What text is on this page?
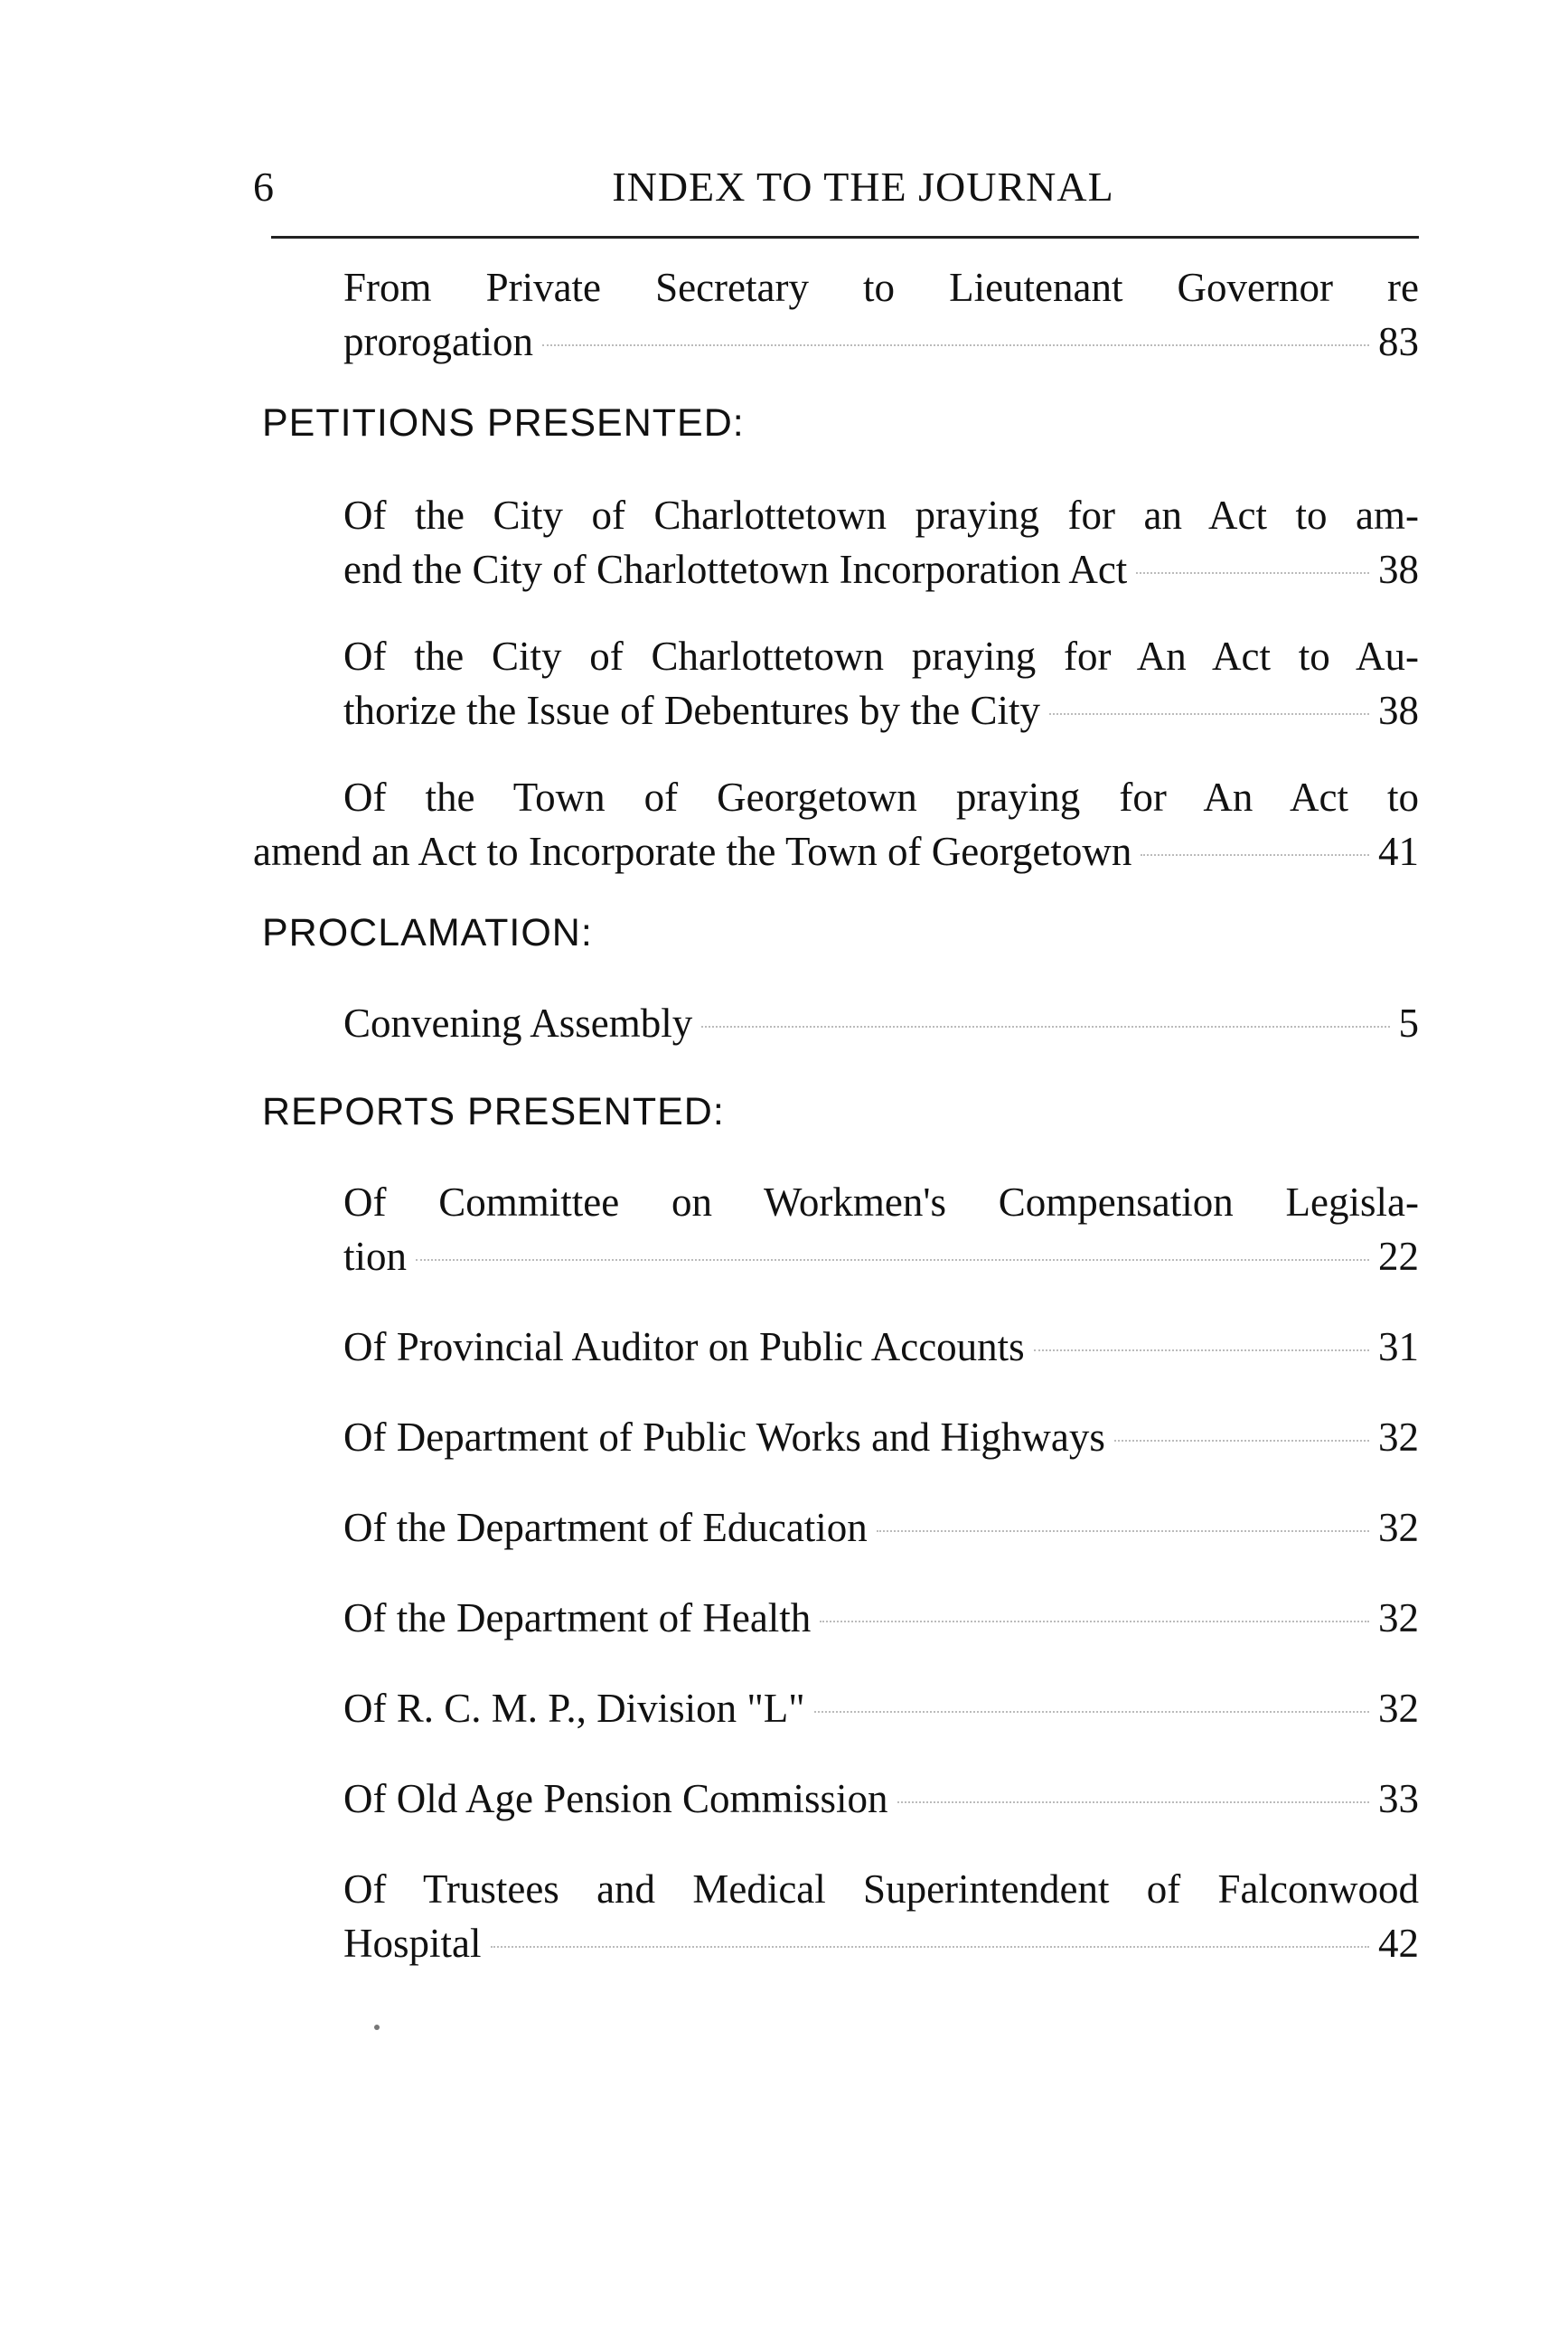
6	INDEX TO THE JOURNAL
From Private Secretary to Lieutenant Governor re
prorogation	83
PETITIONS PRESENTED:
Of the City of Charlottetown praying for an Act to am-
end the City of Charlottetown Incorporation Act	38
Of the City of Charlottetown praying for An Act to Au-
thorize the Issue of Debentures by the City	38
Of the Town of Georgetown praying for An Act to
amend an Act to Incorporate the Town of Georgetown	41
PROCLAMATION:
Convening Assembly	5
REPORTS PRESENTED:
Of Committee on Workmen's Compensation Legisla-
tion	22
Of Provincial Auditor on Public Accounts	31
Of Department of Public Works and Highways	32
Of the Department of Education	32
Of the Department of Health	32
Of R. C. M. P., Division "L"	32
Of Old Age Pension Commission	33
Of Trustees and Medical Superintendent of Falconwood
Hospital	42
